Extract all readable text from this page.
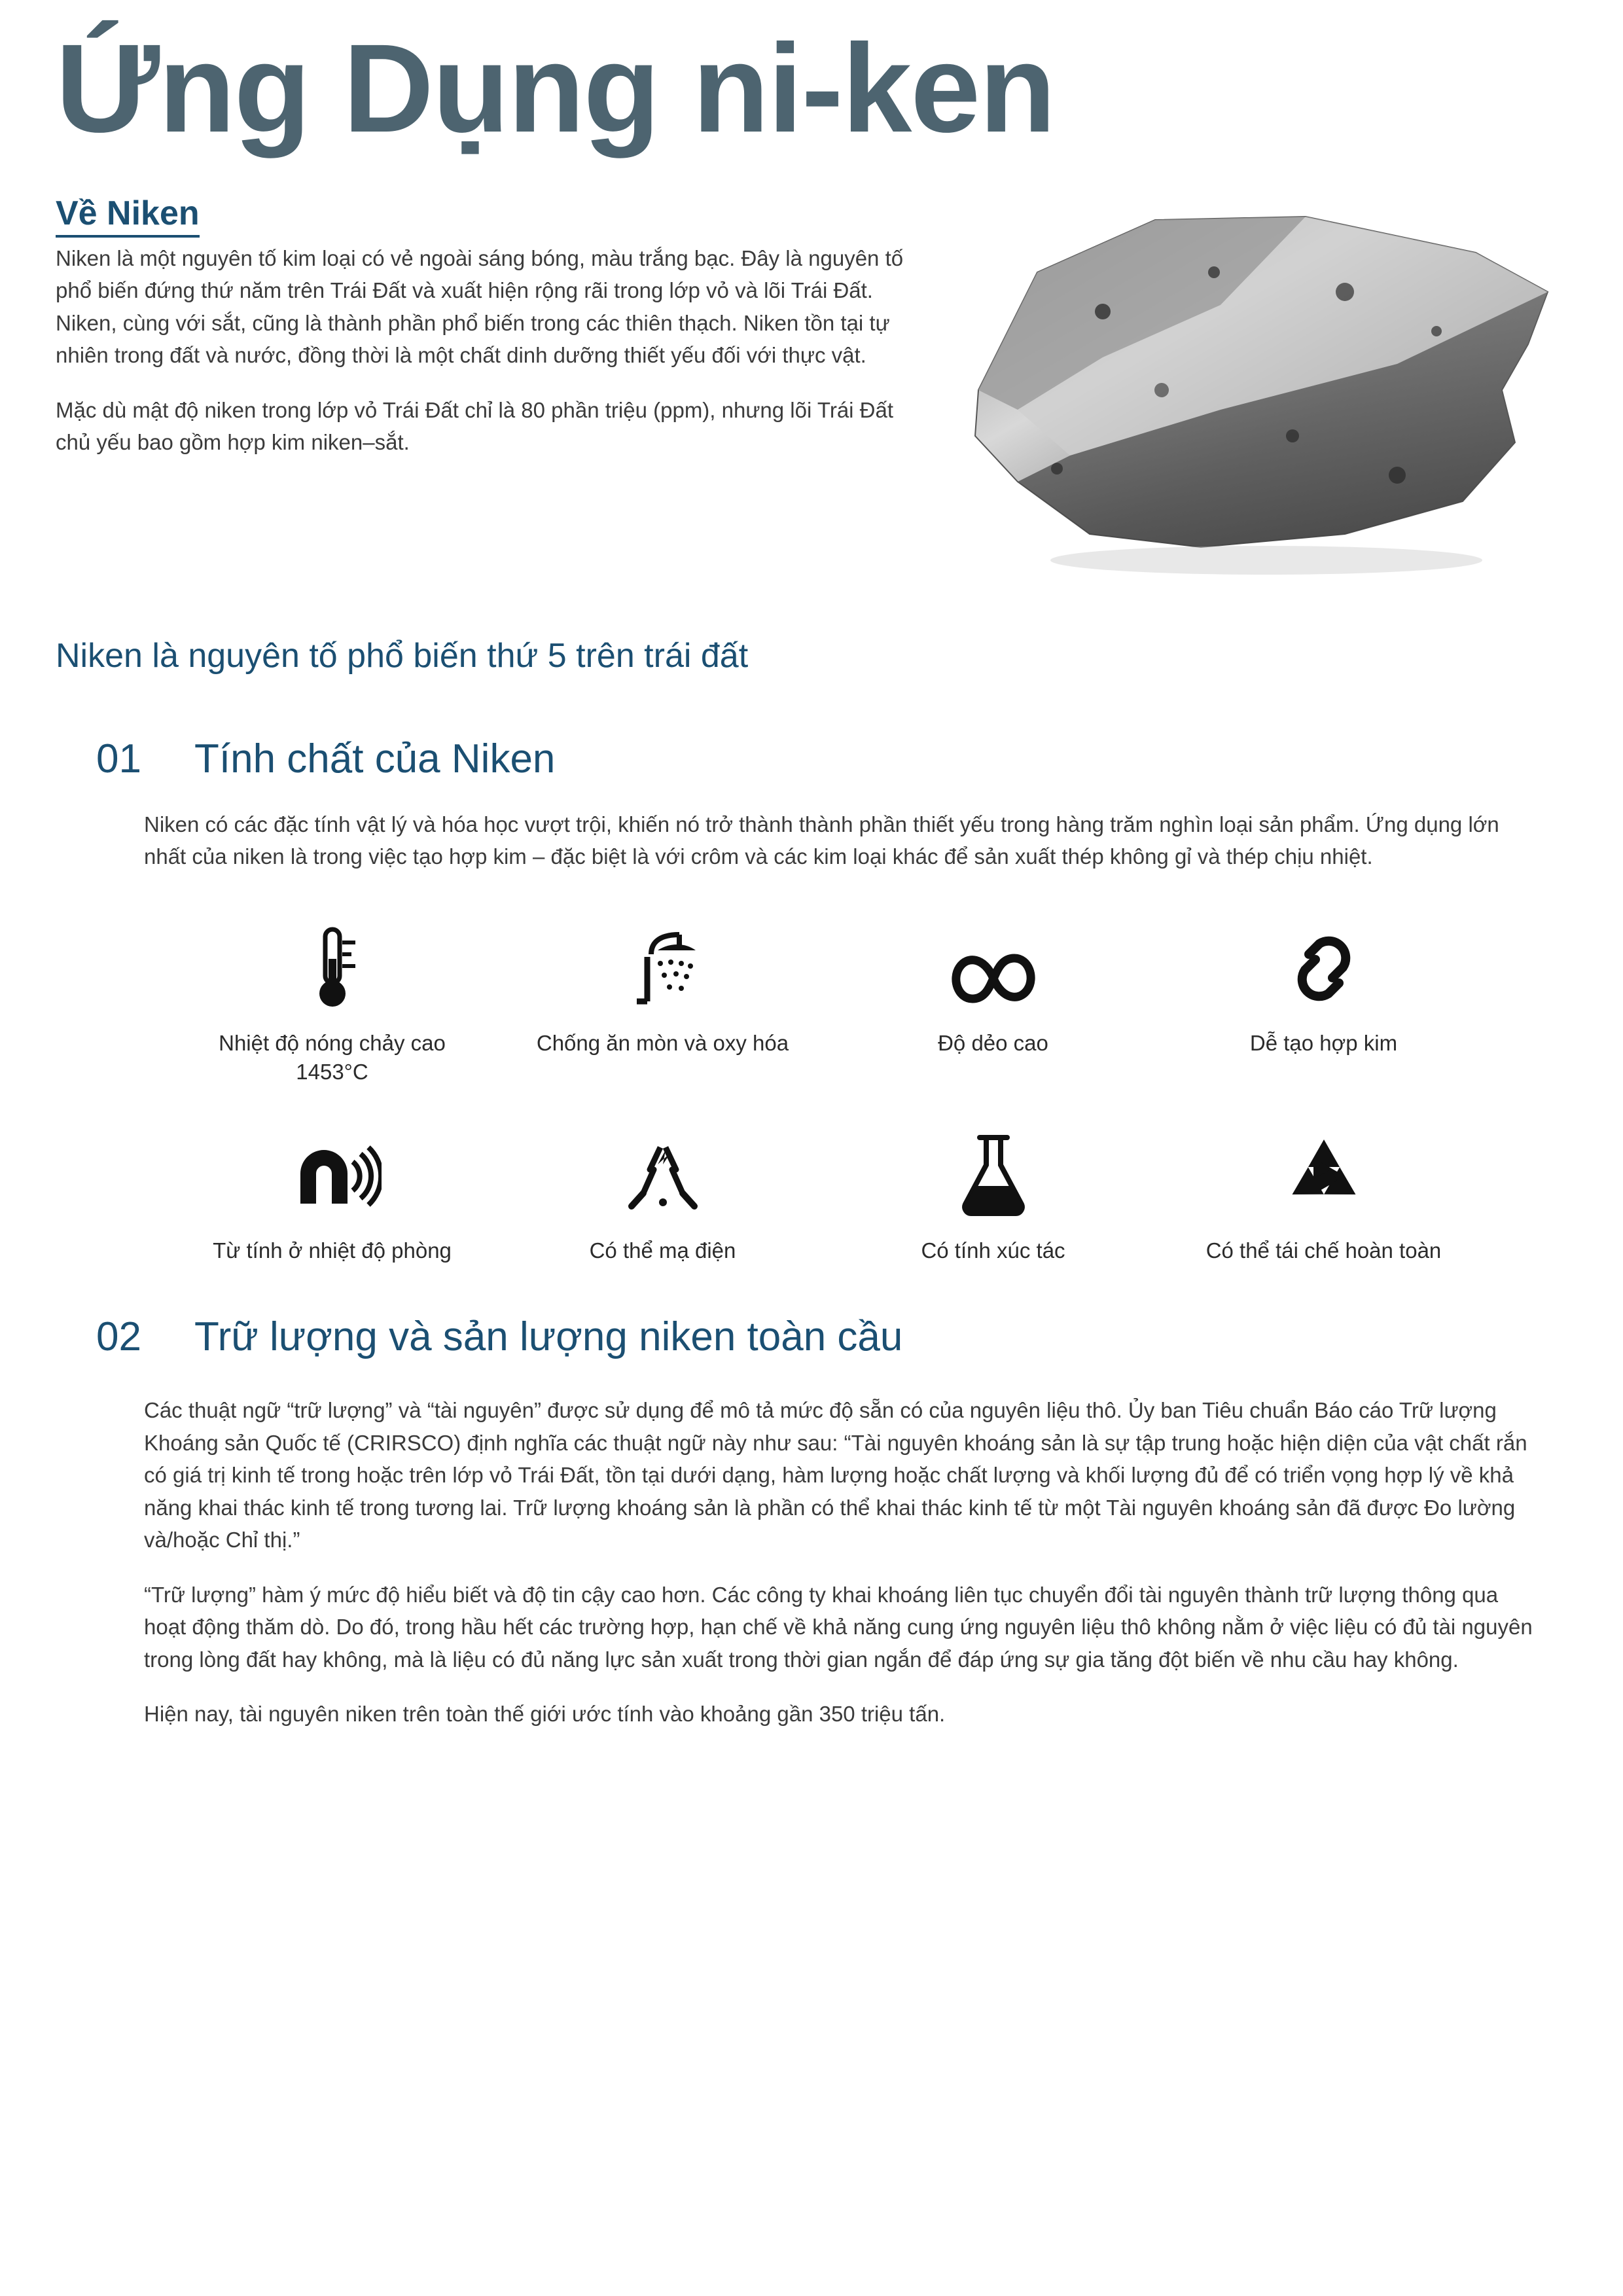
Ứng Dụng ni-ken
Về Niken

Niken là một nguyên tố kim loại có vẻ ngoài sáng bóng, màu trắng bạc. Đây là nguyên tố phổ biến đứng thứ năm trên Trái Đất và xuất hiện rộng rãi trong lớp vỏ và lõi Trái Đất. Niken, cùng với sắt, cũng là thành phần phổ biến trong các thiên thạch. Niken tồn tại tự nhiên trong đất và nước, đồng thời là một chất dinh dưỡng thiết yếu đối với thực vật.

Mặc dù mật độ niken trong lớp vỏ Trái Đất chỉ là 80 phần triệu (ppm), nhưng lõi Trái Đất chủ yếu bao gồm hợp kim niken–sắt.

Niken là nguyên tố phổ biến thứ 5 trên trái đất
01	Tính chất của Niken

Niken có các đặc tính vật lý và hóa học vượt trội, khiến nó trở thành thành phần thiết yếu trong hàng trăm nghìn loại sản phẩm. Ứng dụng lớn nhất của niken là trong việc tạo hợp kim – đặc biệt là với crôm và các kim loại khác để sản xuất thép không gỉ và thép chịu nhiệt.

Nhiệt độ nóng chảy cao 1453°C
Chống ăn mòn và oxy hóa	Độ dẻo cao	Dễ tạo hợp kim
Từ tính ở nhiệt độ phòng	Có thể mạ điện	Có tính xúc tác	Có thể tái chế hoàn toàn
02	Trữ lượng và sản lượng niken toàn cầu

Các thuật ngữ “trữ lượng” và “tài nguyên” được sử dụng để mô tả mức độ sẵn có của nguyên liệu thô. Ủy ban Tiêu chuẩn Báo cáo Trữ lượng Khoáng sản Quốc tế (CRIRSCO) định nghĩa các thuật ngữ này như sau: “Tài nguyên khoáng sản là sự tập trung hoặc hiện diện của vật chất rắn có giá trị kinh tế trong hoặc trên lớp vỏ Trái Đất, tồn tại dưới dạng, hàm lượng hoặc chất lượng và khối lượng đủ để có triển vọng hợp lý về khả năng khai thác kinh tế trong tương lai. Trữ lượng khoáng sản là phần có thể khai thác kinh tế từ một Tài nguyên khoáng sản đã được Đo lường và/hoặc Chỉ thị.”

“Trữ lượng” hàm ý mức độ hiểu biết và độ tin cậy cao hơn. Các công ty khai khoáng liên tục chuyển đổi tài nguyên thành trữ lượng thông qua hoạt động thăm dò. Do đó, trong hầu hết các trường hợp, hạn chế về khả năng cung ứng nguyên liệu thô không nằm ở việc liệu có đủ tài nguyên trong lòng đất hay không, mà là liệu có đủ năng lực sản xuất trong thời gian ngắn để đáp ứng sự gia tăng đột biến về nhu cầu hay không.

Hiện nay, tài nguyên niken trên toàn thế giới ước tính vào khoảng gần 350 triệu tấn.
